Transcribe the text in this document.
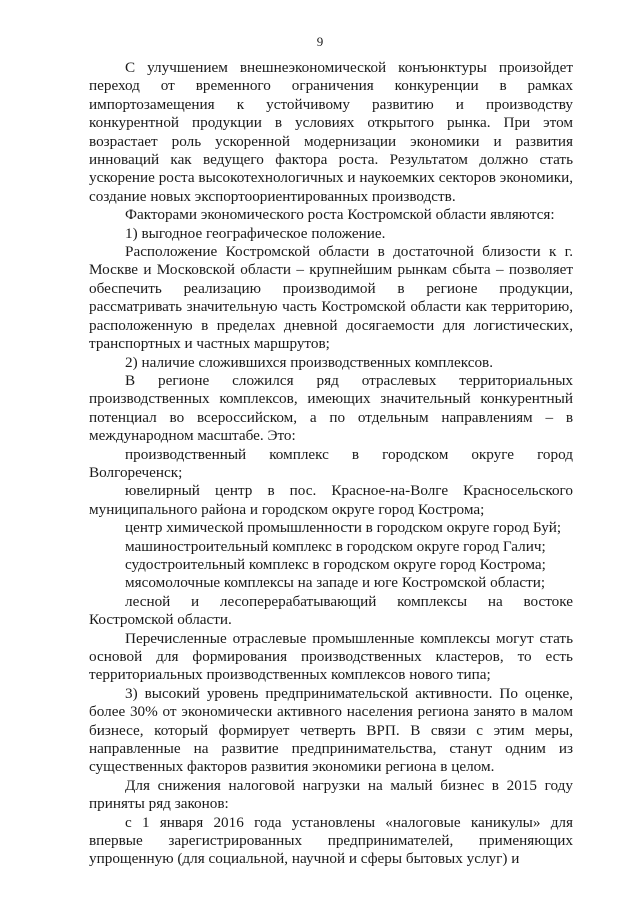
9

С улучшением внешнеэкономической конъюнктуры произойдет переход от временного ограничения конкуренции в рамках импортозамещения к устойчивому развитию и производству конкурентной продукции в условиях открытого рынка. При этом возрастает роль ускоренной модернизации экономики и развития инноваций как ведущего фактора роста. Результатом должно стать ускорение роста высокотехнологичных и наукоемких секторов экономики, создание новых экспортоориентированных производств.

Факторами экономического роста Костромской области являются:

1) выгодное географическое положение.

Расположение Костромской области в достаточной близости к г. Москве и Московской области – крупнейшим рынкам сбыта – позволяет обеспечить реализацию производимой в регионе продукции, рассматривать значительную часть Костромской области как территорию, расположенную в пределах дневной досягаемости для логистических, транспортных и частных маршрутов;

2) наличие сложившихся производственных комплексов.

В регионе сложился ряд отраслевых территориальных производственных комплексов, имеющих значительный конкурентный потенциал во всероссийском, а по отдельным направлениям – в международном масштабе. Это:

производственный комплекс в городском округе город Волгореченск;

ювелирный центр в пос. Красное-на-Волге Красносельского муниципального района и городском округе город Кострома;

центр химической промышленности в городском округе город Буй;

машиностроительный комплекс в городском округе город Галич;

судостроительный комплекс в городском округе город Кострома;

мясомолочные комплексы на западе и юге Костромской области;

лесной и лесоперерабатывающий комплексы на востоке Костромской области.

Перечисленные отраслевые промышленные комплексы могут стать основой для формирования производственных кластеров, то есть территориальных производственных комплексов нового типа;

3) высокий уровень предпринимательской активности. По оценке, более 30% от экономически активного населения региона занято в малом бизнесе, который формирует четверть ВРП. В связи с этим меры, направленные на развитие предпринимательства, станут одним из существенных факторов развития экономики региона в целом.

Для снижения налоговой нагрузки на малый бизнес в 2015 году приняты ряд законов:

с 1 января 2016 года установлены «налоговые каникулы» для впервые зарегистрированных предпринимателей, применяющих упрощенную (для социальной, научной и сферы бытовых услуг) и
